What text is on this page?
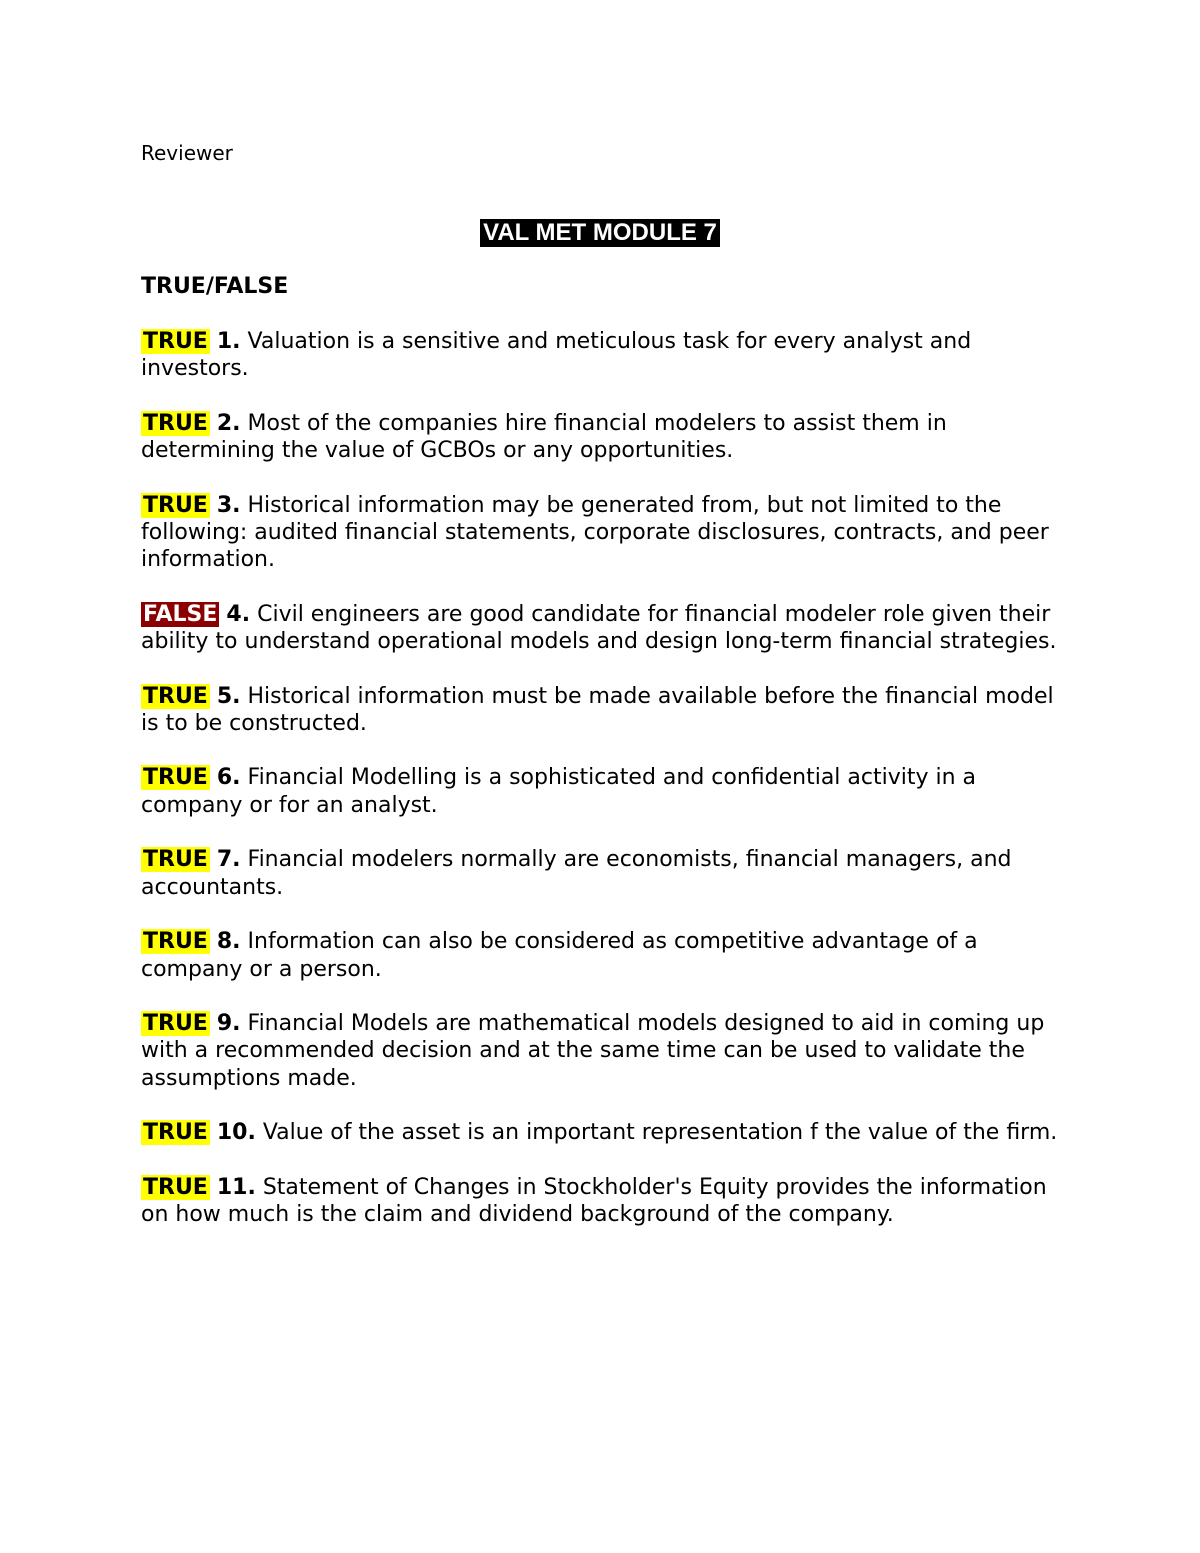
Reviewer
VAL MET MODULE 7
TRUE/FALSE

TRUE 1. Valuation is a sensitive and meticulous task for every analyst and investors.

TRUE 2. Most of the companies hire financial modelers to assist them in determining the value of GCBOs or any opportunities.

TRUE 3. Historical information may be generated from, but not limited to the following: audited financial statements, corporate disclosures, contracts, and peer information.

FALSE 4. Civil engineers are good candidate for financial modeler role given their ability to understand operational models and design long-term financial strategies.

TRUE 5. Historical information must be made available before the financial model is to be constructed.

TRUE 6. Financial Modelling is a sophisticated and confidential activity in a company or for an analyst.

TRUE 7. Financial modelers normally are economists, financial managers, and accountants.

TRUE 8. Information can also be considered as competitive advantage of a company or a person.

TRUE 9. Financial Models are mathematical models designed to aid in coming up with a recommended decision and at the same time can be used to validate the assumptions made.

TRUE 10. Value of the asset is an important representation f the value of the firm.

TRUE 11. Statement of Changes in Stockholder's Equity provides the information on how much is the claim and dividend background of the company.
